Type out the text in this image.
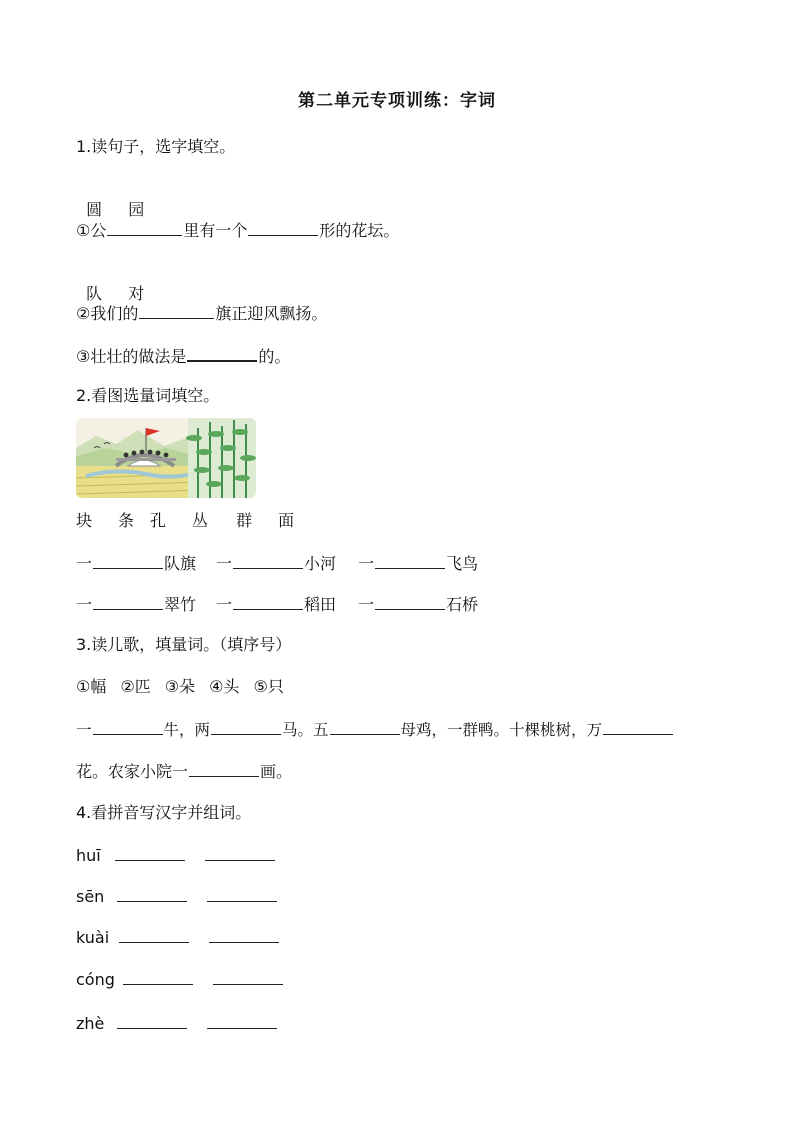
第二单元专项训练：字词
1.读句子，选字填空。

圆 园

①公	里有一个	形的花坛。

队 对

②我们的	旗正迎风飘扬。
③壮壮的做法是	的。
2.看图选量词填空。
块 条 孔 丛 群 面
一	队旗 一	小河 一	飞鸟
一	翠竹 一	稻田 一	石桥
3.读儿歌，填量词。（填序号）
①幅 ②匹 ③朵 ④头 ⑤只
一	牛，两	马。五	母鸡，一群鸭。十棵桃树，万
花。农家小院一	画。
4.看拼音写汉字并组词。
huī
sēn
kuài
cóng
zhè
